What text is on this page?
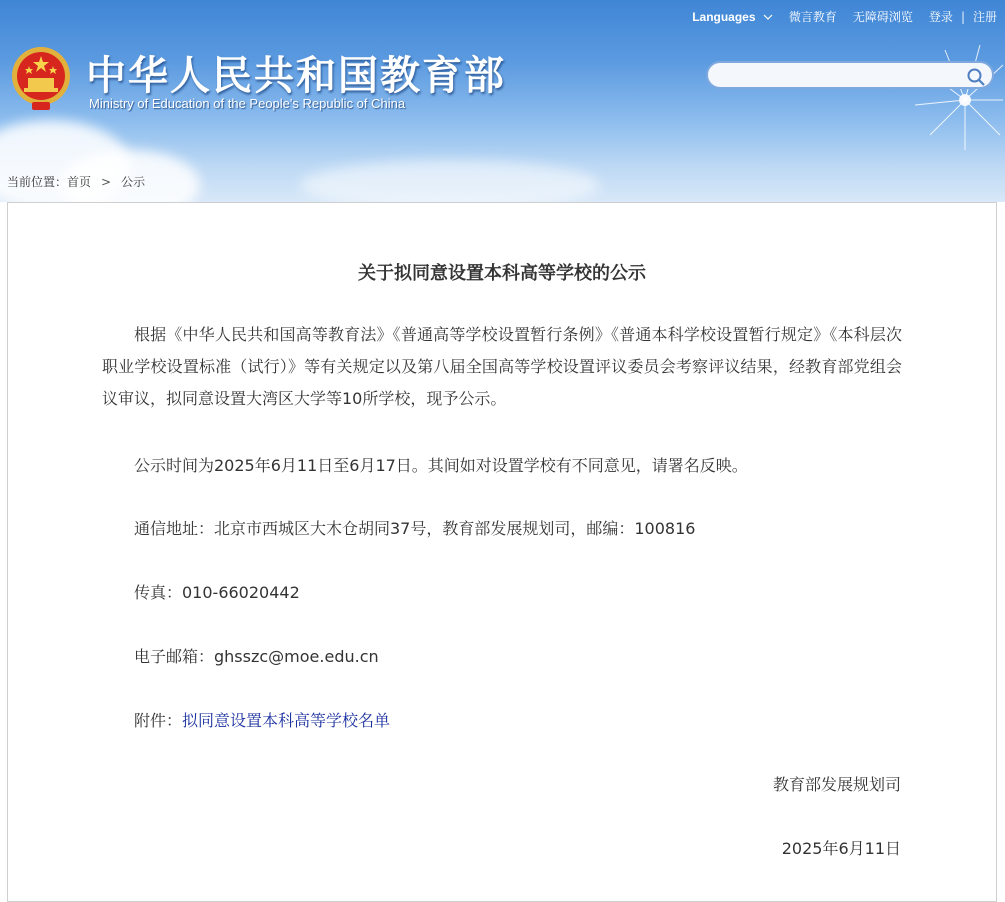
中华人民共和国教育部
Ministry of Education of the People's Republic of China
Languages	微言教育 无障碍浏览 登录 | 注册
当前位置：首页 > 公示
关于拟同意设置本科高等学校的公示
根据《中华人民共和国高等教育法》《普通高等学校设置暂行条例》《普通本科学校设置暂行规定》《本科层次职业学校设置标准（试行）》等有关规定以及第八届全国高等学校设置评议委员会考察评议结果，经教育部党组会议审议，拟同意设置大湾区大学等10所学校，现予公示。
公示时间为2025年6月11日至6月17日。其间如对设置学校有不同意见，请署名反映。
通信地址：北京市西城区大木仓胡同37号，教育部发展规划司，邮编：100816
传真：010-66020442
电子邮箱：ghsszc@moe.edu.cn
附件：拟同意设置本科高等学校名单
教育部发展规划司
2025年6月11日
